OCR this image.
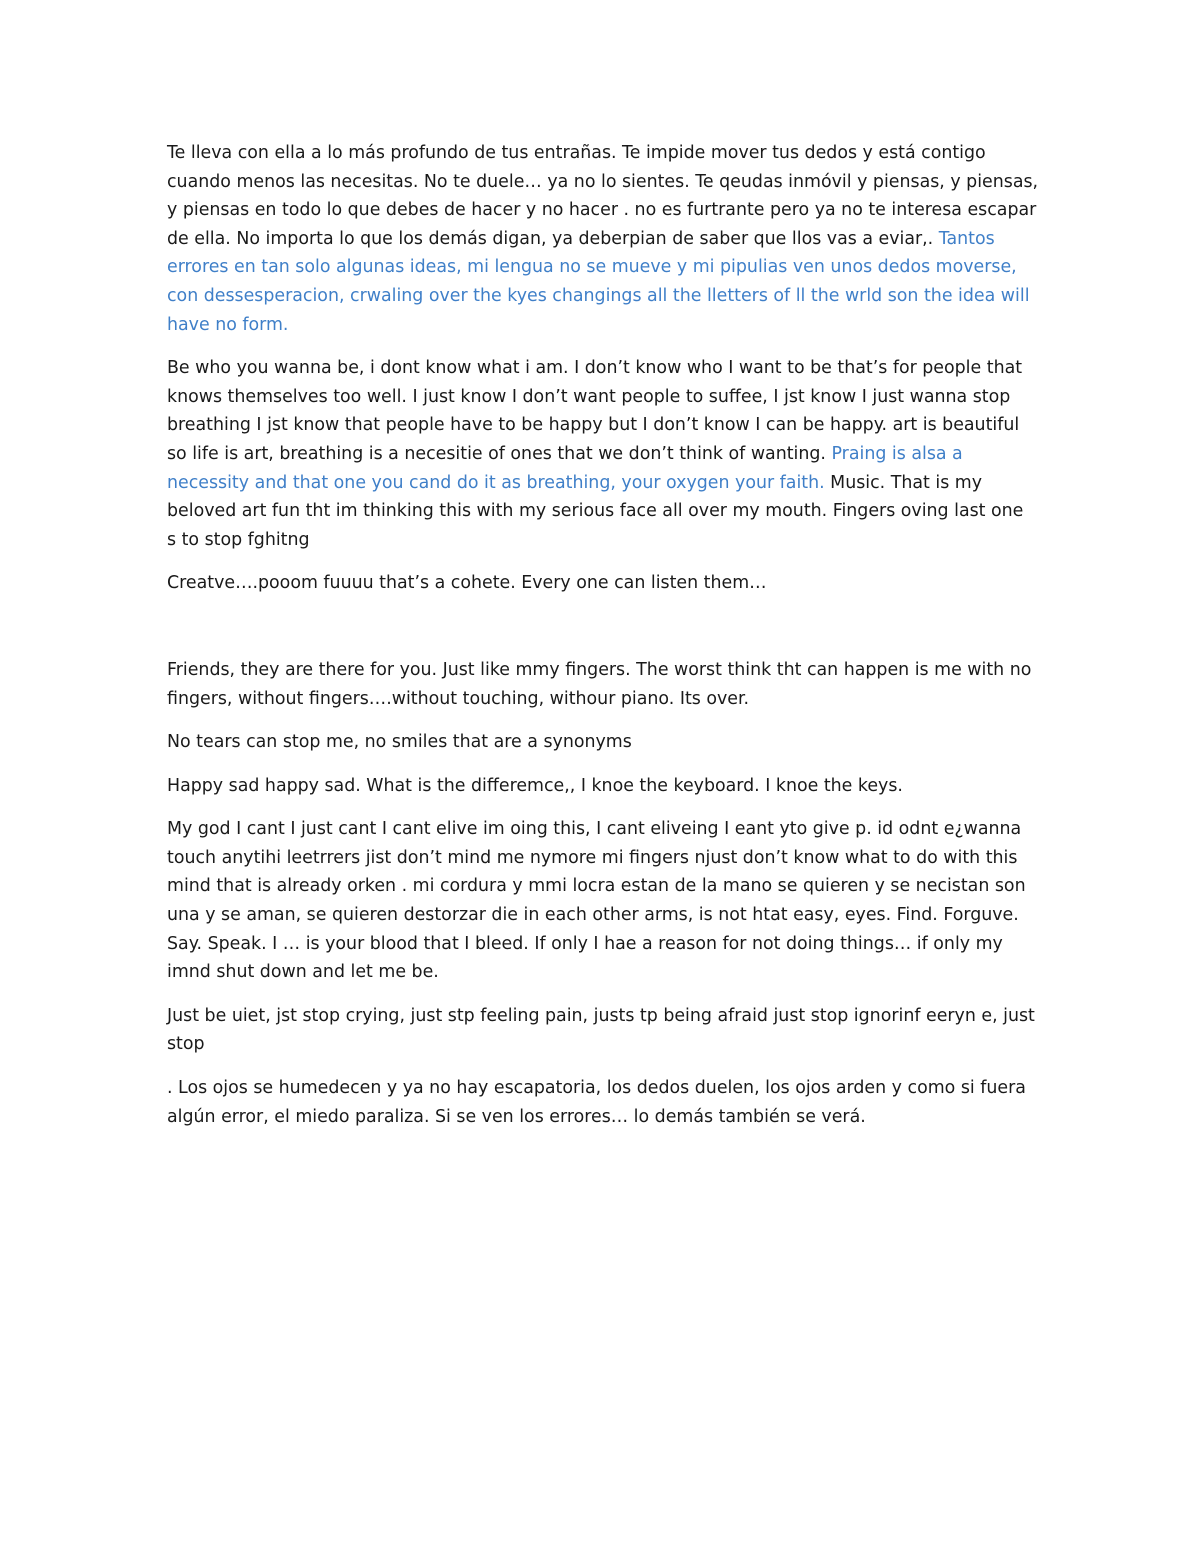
Te lleva con ella a lo más profundo de tus entrañas. Te impide mover tus dedos y está contigo
cuando menos las necesitas. No te duele… ya no lo sientes. Te qeudas inmóvil y piensas, y piensas,
y piensas en todo lo que debes de hacer y no hacer . no es furtrante pero ya no te interesa escapar
de ella. No importa lo que los demás digan, ya deberpian de saber que llos vas a eviar,. Tantos
errores en tan solo algunas ideas, mi lengua no se mueve y mi pipulias ven unos dedos moverse,
con dessesperacion, crwaling over the kyes changings all the lletters of ll the wrld son the idea will
have no form.

Be who you wanna be, i dont know what i am. I don’t know who I want to be that’s for people that
knows themselves too well. I just know I don’t want people to suffee, I jst know I just wanna stop
breathing I jst know that people have to be happy but I don’t know I can be happy. art is beautiful
so life is art, breathing is a necesitie of ones that we don’t think of wanting. Praing is alsa a
necessity and that one you cand do it as breathing, your oxygen your faith. Music. That is my
beloved art fun tht im thinking this with my serious face all over my mouth. Fingers oving last one
s to stop fghitng

Creatve….pooom fuuuu that’s a cohete. Every one can listen them…

Friends, they are there for you. Just like mmy fingers. The worst think tht can happen is me with no
fingers, without fingers….without touching, withour piano. Its over.

No tears can stop me, no smiles that are a synonyms

Happy sad happy sad. What is the differemce,, I knoe the keyboard. I knoe the keys.

My god I cant I just cant I cant elive im oing this, I cant eliveing I eant yto give p. id odnt e¿wanna
touch anytihi leetrrers jist don’t mind me nymore mi fingers njust don’t know what to do with this
mind that is already orken . mi cordura y mmi locra estan de la mano se quieren y se necistan son
una y se aman, se quieren destorzar die in each other arms, is not htat easy, eyes. Find. Forguve.
Say. Speak. I … is your blood that I bleed. If only I hae a reason for not doing things… if only my
imnd shut down and let me be.

Just be uiet, jst stop crying, just stp feeling pain, justs tp being afraid just stop ignorinf eeryn e, just
stop

. Los ojos se humedecen y ya no hay escapatoria, los dedos duelen, los ojos arden y como si fuera
algún error, el miedo paraliza. Si se ven los errores… lo demás también se verá.
